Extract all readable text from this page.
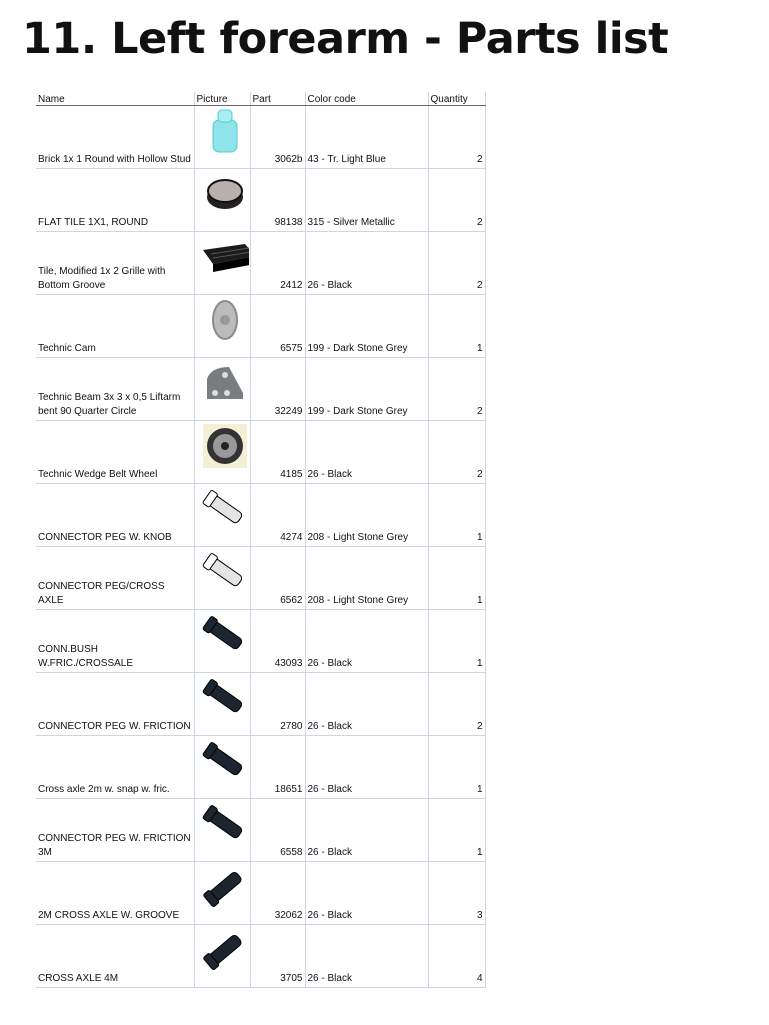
11. Left forearm - Parts list
Name	Picture	Part	Color code	Quantity
Brick 1x 1 Round with Hollow Stud		3062b	43 - Tr. Light Blue	2
FLAT TILE 1X1, ROUND		98138	315 - Silver Metallic	2
Tile, Modified 1x 2 Grille with Bottom Groove		2412	26 - Black	2
Technic Cam		6575	199 - Dark Stone Grey	1
Technic Beam 3x 3 x 0,5 Liftarm bent 90 Quarter Circle		32249	199 - Dark Stone Grey	2
Technic Wedge Belt Wheel		4185	26 - Black	2
CONNECTOR PEG W. KNOB		4274	208 - Light Stone Grey	1
CONNECTOR PEG/CROSS AXLE		6562	208 - Light Stone Grey	1
CONN.BUSH W.FRIC./CROSSALE		43093	26 - Black	1
CONNECTOR PEG W. FRICTION		2780	26 - Black	2
Cross axle 2m w. snap w. fric.		18651	26 - Black	1
CONNECTOR PEG W. FRICTION 3M		6558	26 - Black	1
2M CROSS AXLE W. GROOVE		32062	26 - Black	3
CROSS AXLE 4M		3705	26 - Black	4
